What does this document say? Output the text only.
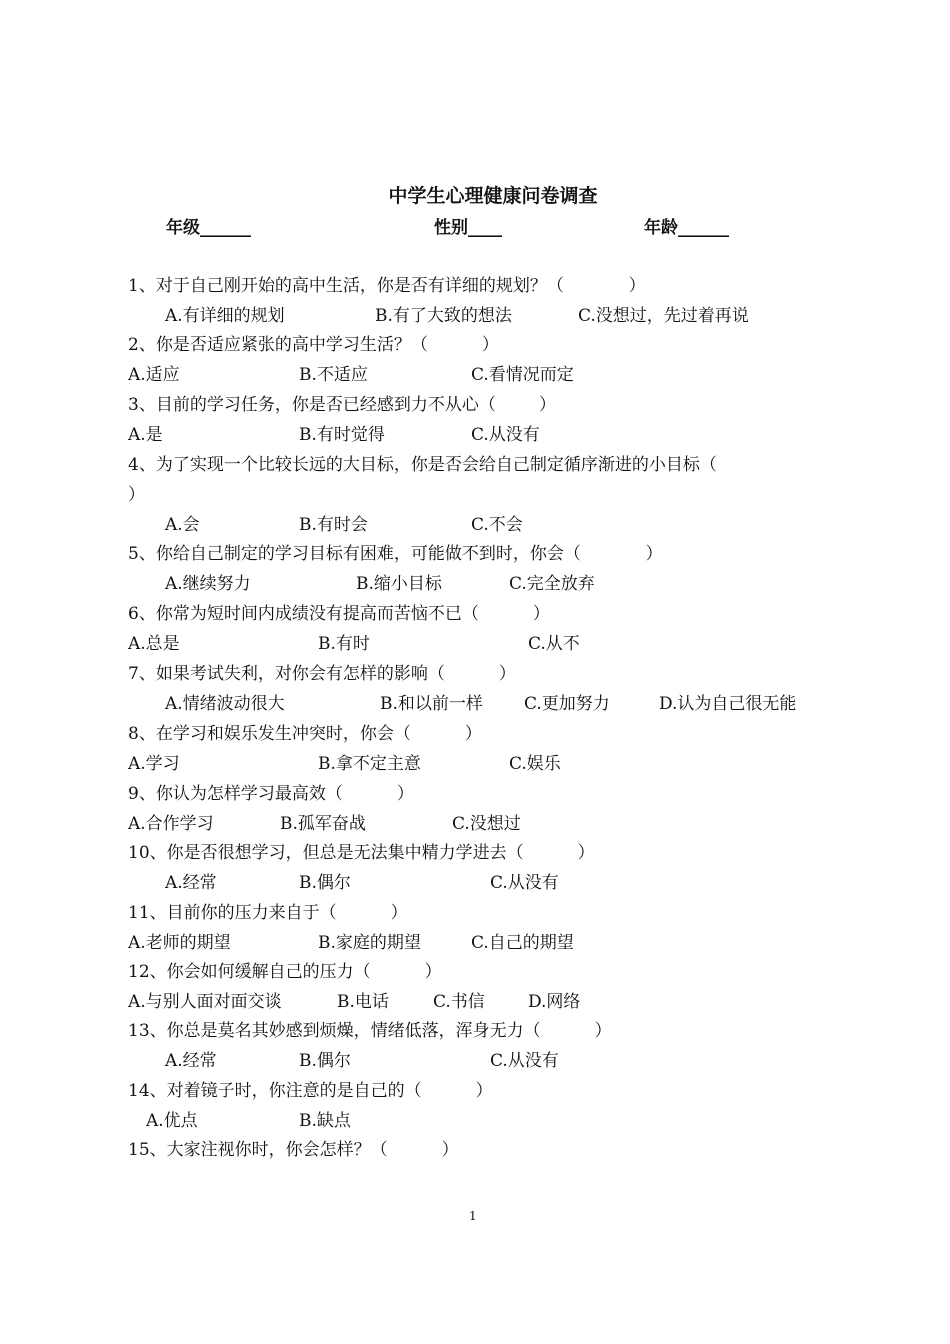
中学生心理健康问卷调查
年级______	性别____	年龄______
1、对于自己刚开始的高中生活，你是否有详细的规划？（            ）
A.有详细的规划	B.有了大致的想法	C.没想过，先过着再说
2、你是否适应紧张的高中学习生活？（          ）
A.适应	B.不适应	C.看情况而定
3、目前的学习任务，你是否已经感到力不从心（        ）
A.是	B.有时觉得	C.从没有
4、为了实现一个比较长远的大目标，你是否会给自己制定循序渐进的小目标（
）
A.会	B.有时会	C.不会
5、你给自己制定的学习目标有困难，可能做不到时，你会（            ）
A.继续努力	B.缩小目标	C.完全放弃
6、你常为短时间内成绩没有提高而苦恼不已（          ）
A.总是	B.有时	C.从不
7、如果考试失利，对你会有怎样的影响（          ）
A.情绪波动很大	B.和以前一样 C.更加努力	D.认为自己很无能
8、在学习和娱乐发生冲突时，你会（          ）
A.学习	B.拿不定主意	C.娱乐
9、你认为怎样学习最高效（          ）
A.合作学习	B.孤军奋战	C.没想过
10、你是否很想学习，但总是无法集中精力学进去（          ）
A.经常	B.偶尔	C.从没有
11、目前你的压力来自于（          ）
A.老师的期望	B.家庭的期望	C.自己的期望
12、你会如何缓解自己的压力（          ）
A.与别人面对面交谈	B.电话	C.书信	D.网络
13、你总是莫名其妙感到烦燥，情绪低落，浑身无力（          ）
A.经常	B.偶尔	C.从没有
14、对着镜子时，你注意的是自己的（          ）
A.优点	B.缺点
15、大家注视你时，你会怎样？（          ）
1
